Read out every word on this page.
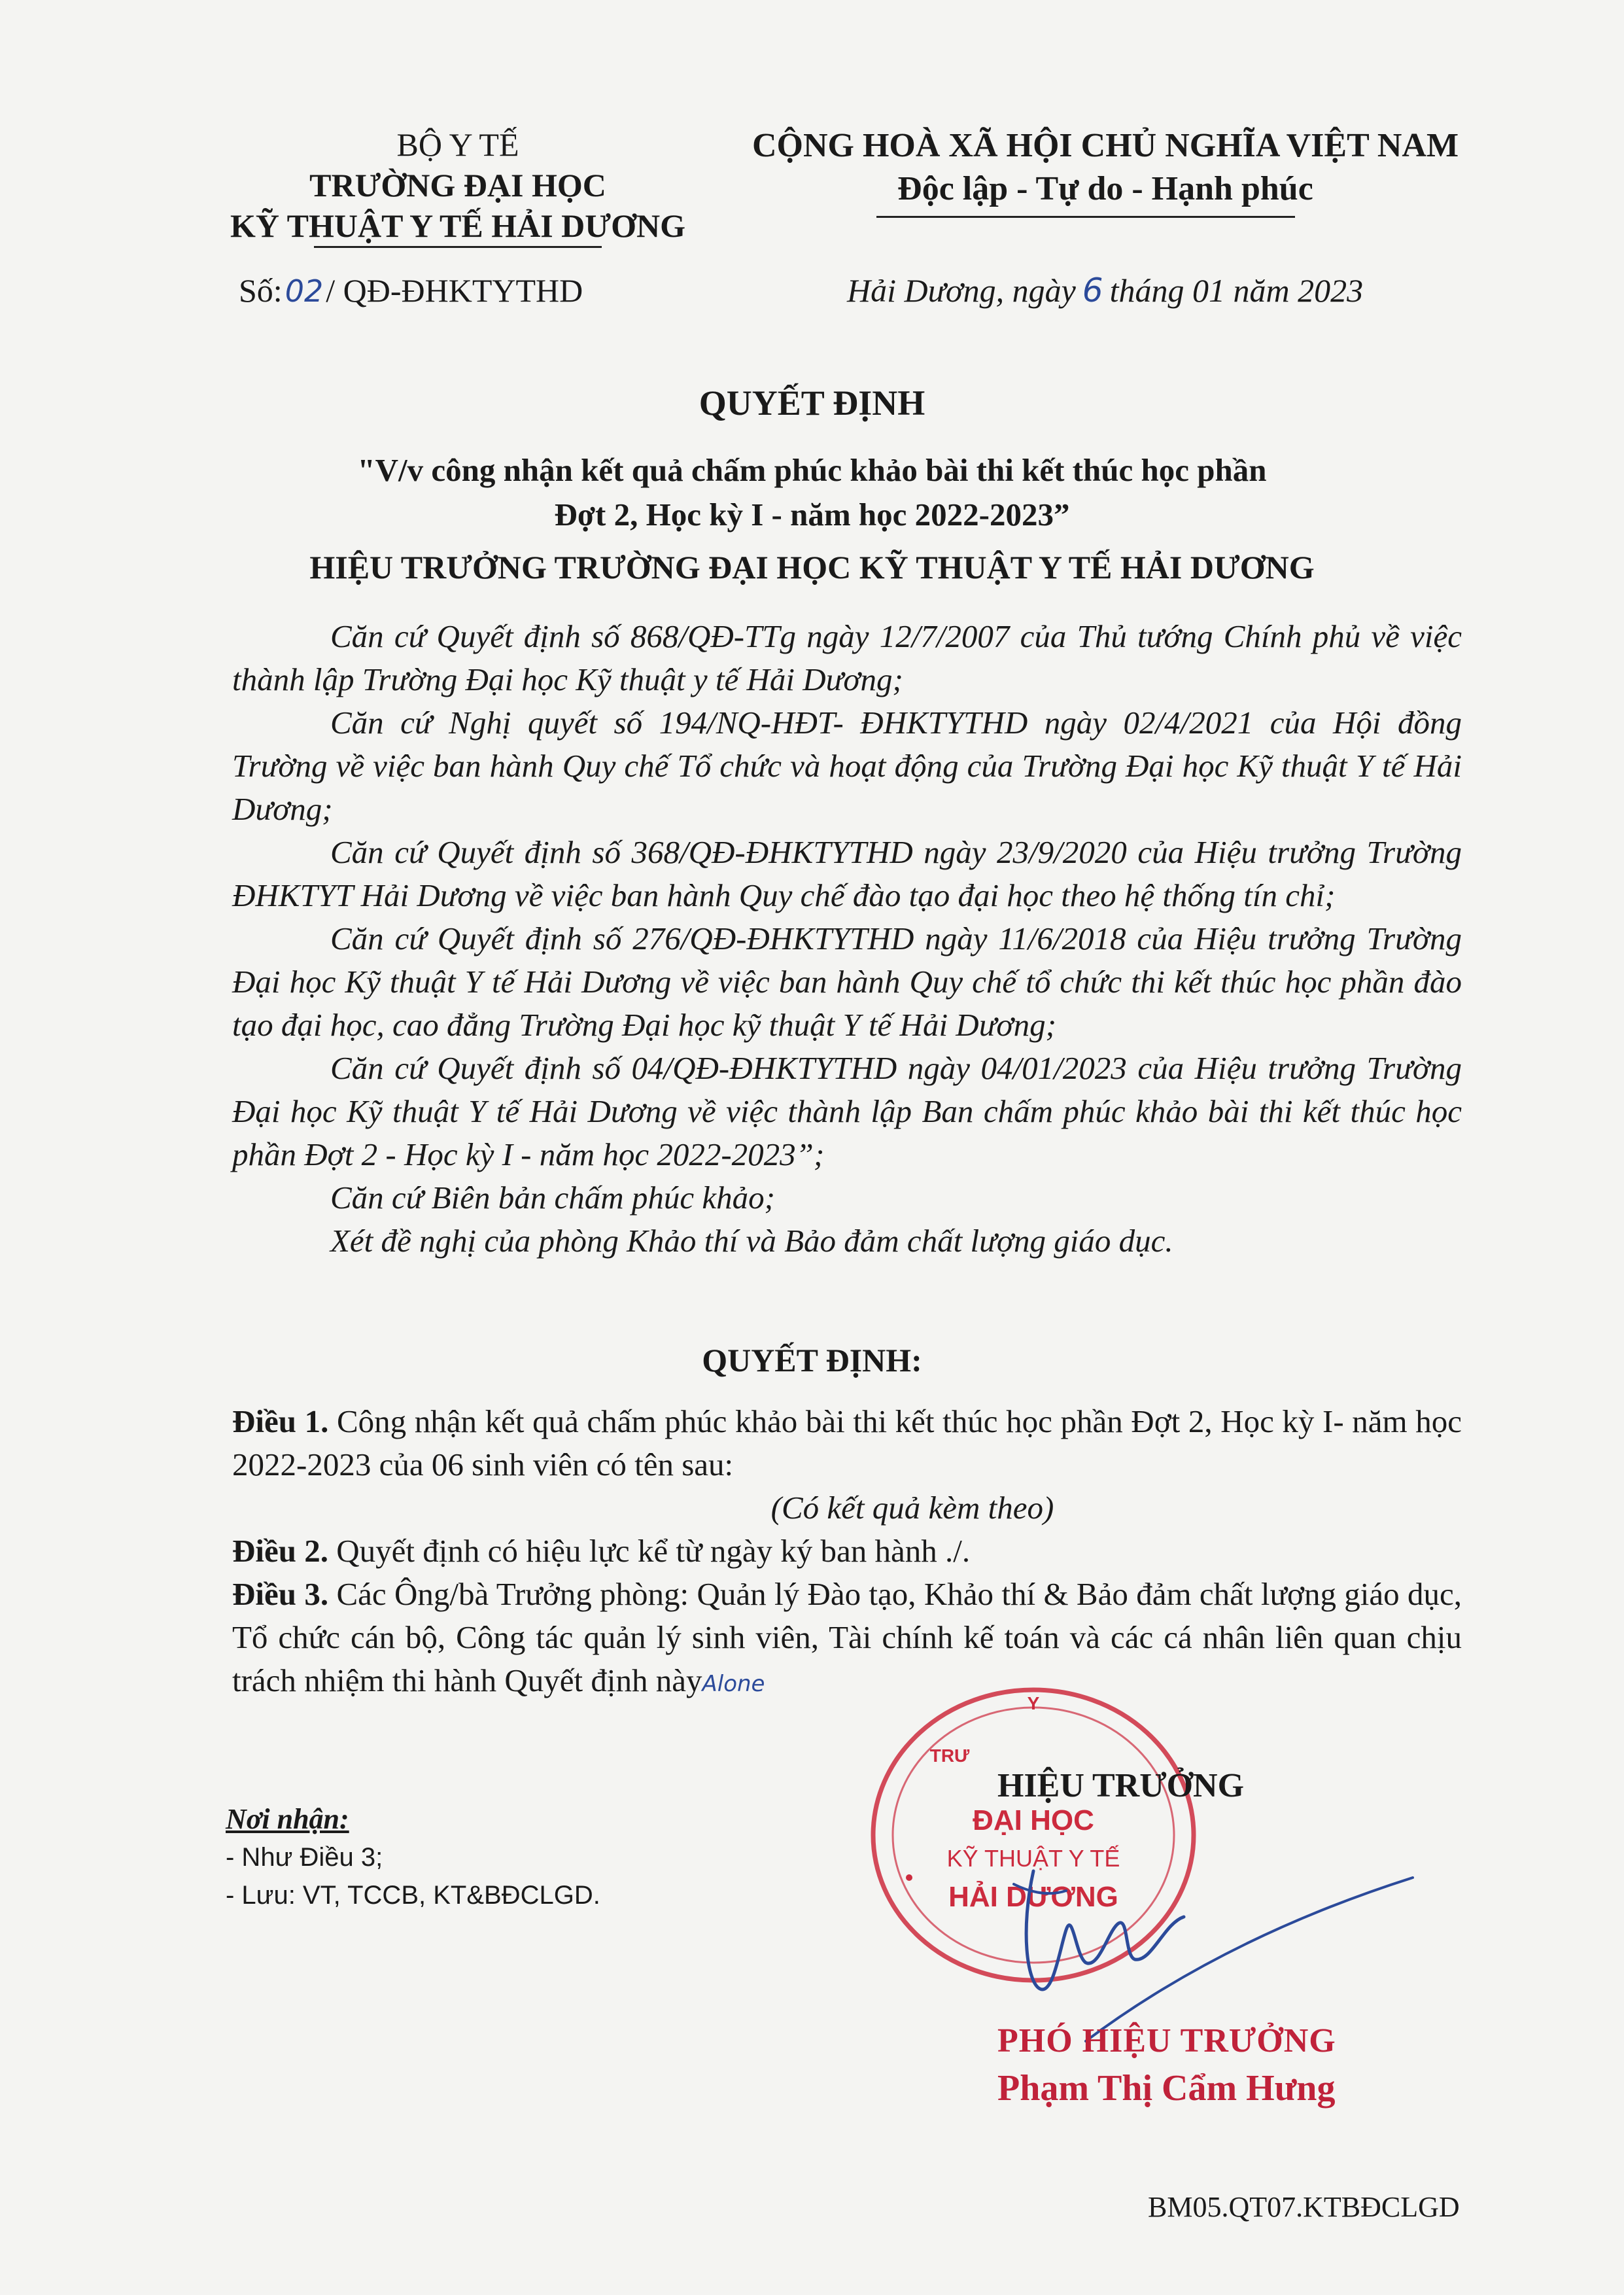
BỘ Y TẾ
TRƯỜNG ĐẠI HỌC
KỸ THUẬT Y TẾ HẢI DƯƠNG
CỘNG HOÀ XÃ HỘI CHỦ NGHĨA VIỆT NAM
Độc lập - Tự do - Hạnh phúc
Số:02/ QĐ-ĐHKTYTHD	Hải Dương, ngày 6 tháng 01 năm 2023
QUYẾT ĐỊNH
"V/v công nhận kết quả chấm phúc khảo bài thi kết thúc học phần
Đợt 2, Học kỳ I - năm học 2022-2023”
HIỆU TRƯỞNG TRƯỜNG ĐẠI HỌC KỸ THUẬT Y TẾ HẢI DƯƠNG

Căn cứ Quyết định số 868/QĐ-TTg ngày 12/7/2007 của Thủ tướng Chính phủ về việc thành lập Trường Đại học Kỹ thuật y tế Hải Dương;

Căn cứ Nghị quyết số 194/NQ-HĐT- ĐHKTYTHD ngày 02/4/2021 của Hội đồng Trường về việc ban hành Quy chế Tổ chức và hoạt động của Trường Đại học Kỹ thuật Y tế Hải Dương;

Căn cứ Quyết định số 368/QĐ-ĐHKTYTHD ngày 23/9/2020 của Hiệu trưởng Trường ĐHKTYT Hải Dương về việc ban hành Quy chế đào tạo đại học theo hệ thống tín chỉ;

Căn cứ Quyết định số 276/QĐ-ĐHKTYTHD ngày 11/6/2018 của Hiệu trưởng Trường Đại học Kỹ thuật Y tế Hải Dương về việc ban hành Quy chế tổ chức thi kết thúc học phần đào tạo đại học, cao đẳng Trường Đại học kỹ thuật Y tế Hải Dương;

Căn cứ Quyết định số 04/QĐ-ĐHKTYTHD ngày 04/01/2023 của Hiệu trưởng Trường Đại học Kỹ thuật Y tế Hải Dương về việc thành lập Ban chấm phúc khảo bài thi kết thúc học phần Đợt 2 - Học kỳ I - năm học 2022-2023”;

Căn cứ Biên bản chấm phúc khảo;

Xét đề nghị của phòng Khảo thí và Bảo đảm chất lượng giáo dục.

QUYẾT ĐỊNH:

Điều 1. Công nhận kết quả chấm phúc khảo bài thi kết thúc học phần Đợt 2, Học kỳ I- năm học 2022-2023 của 06 sinh viên có tên sau:

(Có kết quả kèm theo)

Điều 2. Quyết định có hiệu lực kể từ ngày ký ban hành ./.

Điều 3. Các Ông/bà Trưởng phòng: Quản lý Đào tạo, Khảo thí & Bảo đảm chất lượng giáo dục, Tổ chức cán bộ, Công tác quản lý sinh viên, Tài chính kế toán và các cá nhân liên quan chịu trách nhiệm thi hành Quyết định nàyAlone

Nơi nhận:
- Như Điều 3;
- Lưu: VT, TCCB, KT&BĐCLGD.
Y
TRƯ
ĐẠI HỌC
KỸ THUẬT Y TẾ
HẢI DƯƠNG
HIỆU TRƯỞNG
PHÓ HIỆU TRƯỞNG
Phạm Thị Cẩm Hưng
BM05.QT07.KTBĐCLGD
